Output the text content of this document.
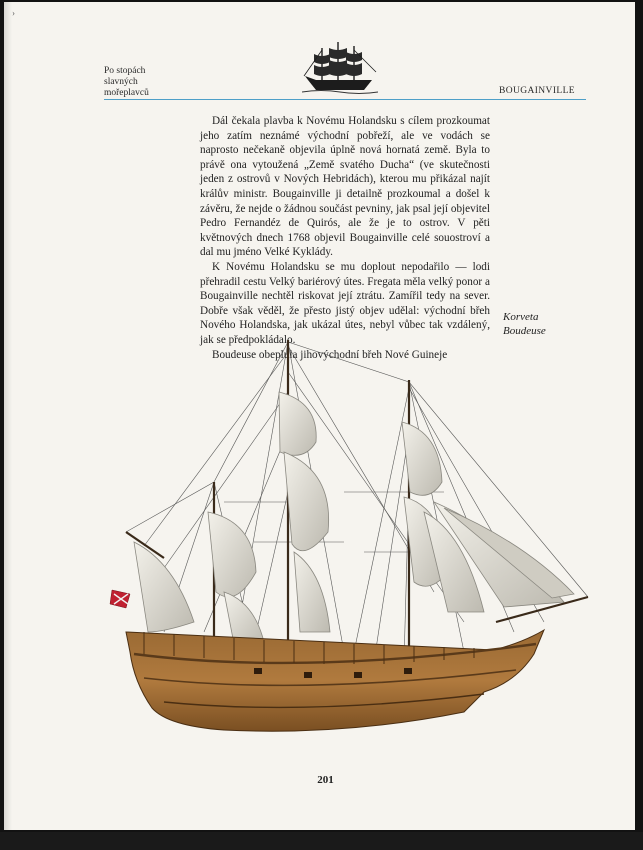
›
Po stopách
slavných
mořeplavců	BOUGAINVILLE

Dál čekala plavba k Novému Holandsku s cílem prozkoumat jeho zatím neznámé východní pobřeží, ale ve vodách se naprosto nečekaně objevila úplně nová hornatá země. Byla to právě ona vytoužená „Země svatého Ducha“ (ve skutečnosti jeden z ostrovů v Nových Hebridách), kterou mu přikázal najít králův ministr. Bougainville ji detailně prozkoumal a došel k závěru, že nejde o žádnou součást pevniny, jak psal její objevitel Pedro Fernandéz de Quirós, ale že je to ostrov. V pěti květnových dnech 1768 objevil Bougainville celé souostroví a dal mu jméno Velké Kyklády.

K Novému Holandsku se mu doplout nepodařilo — lodi přehradil cestu Velký bariérový útes. Fregata měla velký ponor a Bougainville nechtěl riskovat její ztrátu. Zamířil tedy na sever. Dobře však věděl, že přesto jistý objev udělal: východní břeh Nového Holandska, jak ukázal útes, nebyl vůbec tak vzdálený, jak se předpokládalo.

Boudeuse obeplula jihovýchodní břeh Nové Guineje

Korveta
Boudeuse
201
